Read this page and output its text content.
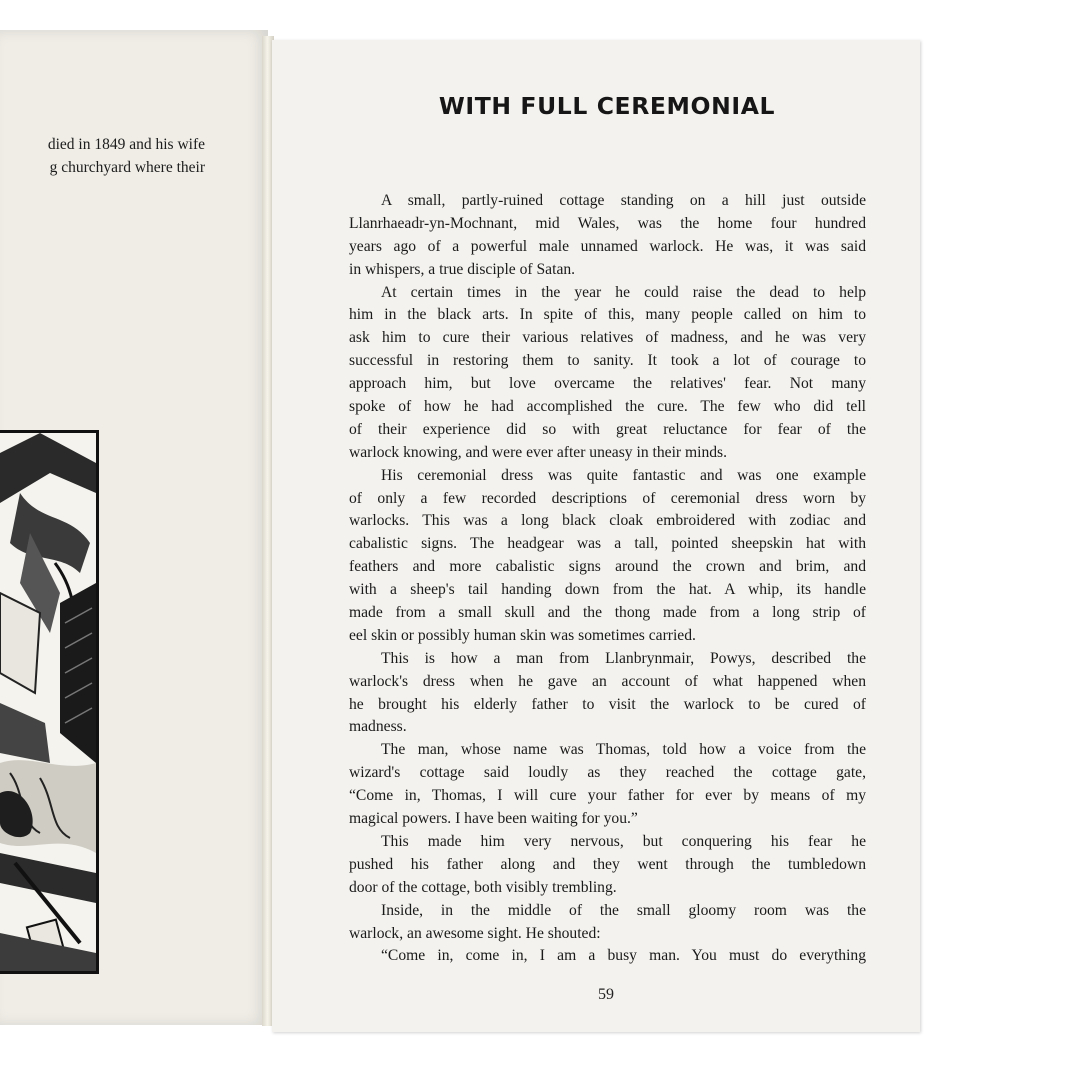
died in 1849 and his wife
g churchyard where their
WITH FULL CEREMONIAL
A small, partly-ruined cottage standing on a hill just outside
Llanrhaeadr-yn-Mochnant, mid Wales, was the home four hundred
years ago of a powerful male unnamed warlock. He was, it was said
in whispers, a true disciple of Satan.
At certain times in the year he could raise the dead to help
him in the black arts. In spite of this, many people called on him to
ask him to cure their various relatives of madness, and he was very
successful in restoring them to sanity. It took a lot of courage to
approach him, but love overcame the relatives' fear. Not many
spoke of how he had accomplished the cure. The few who did tell
of their experience did so with great reluctance for fear of the
warlock knowing, and were ever after uneasy in their minds.
His ceremonial dress was quite fantastic and was one example
of only a few recorded descriptions of ceremonial dress worn by
warlocks. This was a long black cloak embroidered with zodiac and
cabalistic signs. The headgear was a tall, pointed sheepskin hat with
feathers and more cabalistic signs around the crown and brim, and
with a sheep's tail handing down from the hat. A whip, its handle
made from a small skull and the thong made from a long strip of
eel skin or possibly human skin was sometimes carried.
This is how a man from Llanbrynmair, Powys, described the
warlock's dress when he gave an account of what happened when
he brought his elderly father to visit the warlock to be cured of
madness.
The man, whose name was Thomas, told how a voice from the
wizard's cottage said loudly as they reached the cottage gate,
“Come in, Thomas, I will cure your father for ever by means of my
magical powers. I have been waiting for you.”
This made him very nervous, but conquering his fear he
pushed his father along and they went through the tumbledown
door of the cottage, both visibly trembling.
Inside, in the middle of the small gloomy room was the
warlock, an awesome sight. He shouted:
“Come in, come in, I am a busy man. You must do everything
59
